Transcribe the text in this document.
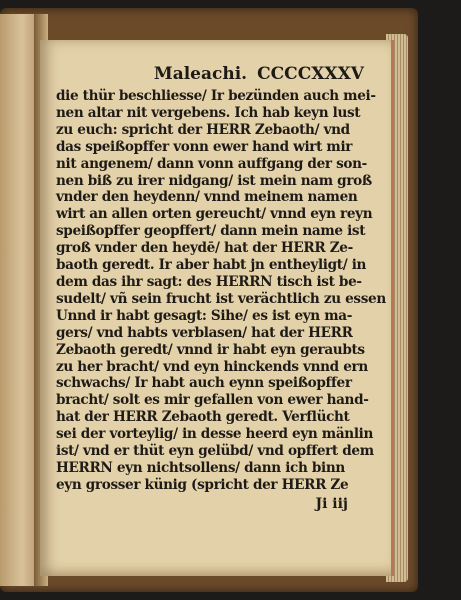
Maleachi. CCCCXXXV
die thür beschliesse/ Ir bezünden auch mei-
nen altar nit vergebens. Ich hab keyn lust
zu euch: spricht der HERR Zebaoth/ vnd
das speißopffer vonn ewer hand wirt mir
nit angenem/ dann vonn auffgang der son-
nen biß zu irer nidgang/ ist mein nam groß
vnder den heydenn/ vnnd meinem namen
wirt an allen orten gereucht/ vnnd eyn reyn
speißopffer geopffert/ dann mein name ist
groß vnder den heydē/ hat der HERR Ze-
baoth geredt. Ir aber habt jn entheyligt/ in
dem das ihr sagt: des HERRN tisch ist be-
sudelt/ vñ sein frucht ist verächtlich zu essen
Unnd ir habt gesagt: Sihe/ es ist eyn ma-
gers/ vnd habts verblasen/ hat der HERR
Zebaoth geredt/ vnnd ir habt eyn geraubts
zu her bracht/ vnd eyn hinckends vnnd ern
schwachs/ Ir habt auch eynn speißopffer
bracht/ solt es mir gefallen von ewer hand-
hat der HERR Zebaoth geredt. Verflücht
sei der vorteylig/ in desse heerd eyn mänlin
ist/ vnd er thüt eyn gelübd/ vnd opffert dem
HERRN eyn nichtsollens/ dann ich binn
eyn grosser künig (spricht der HERR Ze
Ji iij
